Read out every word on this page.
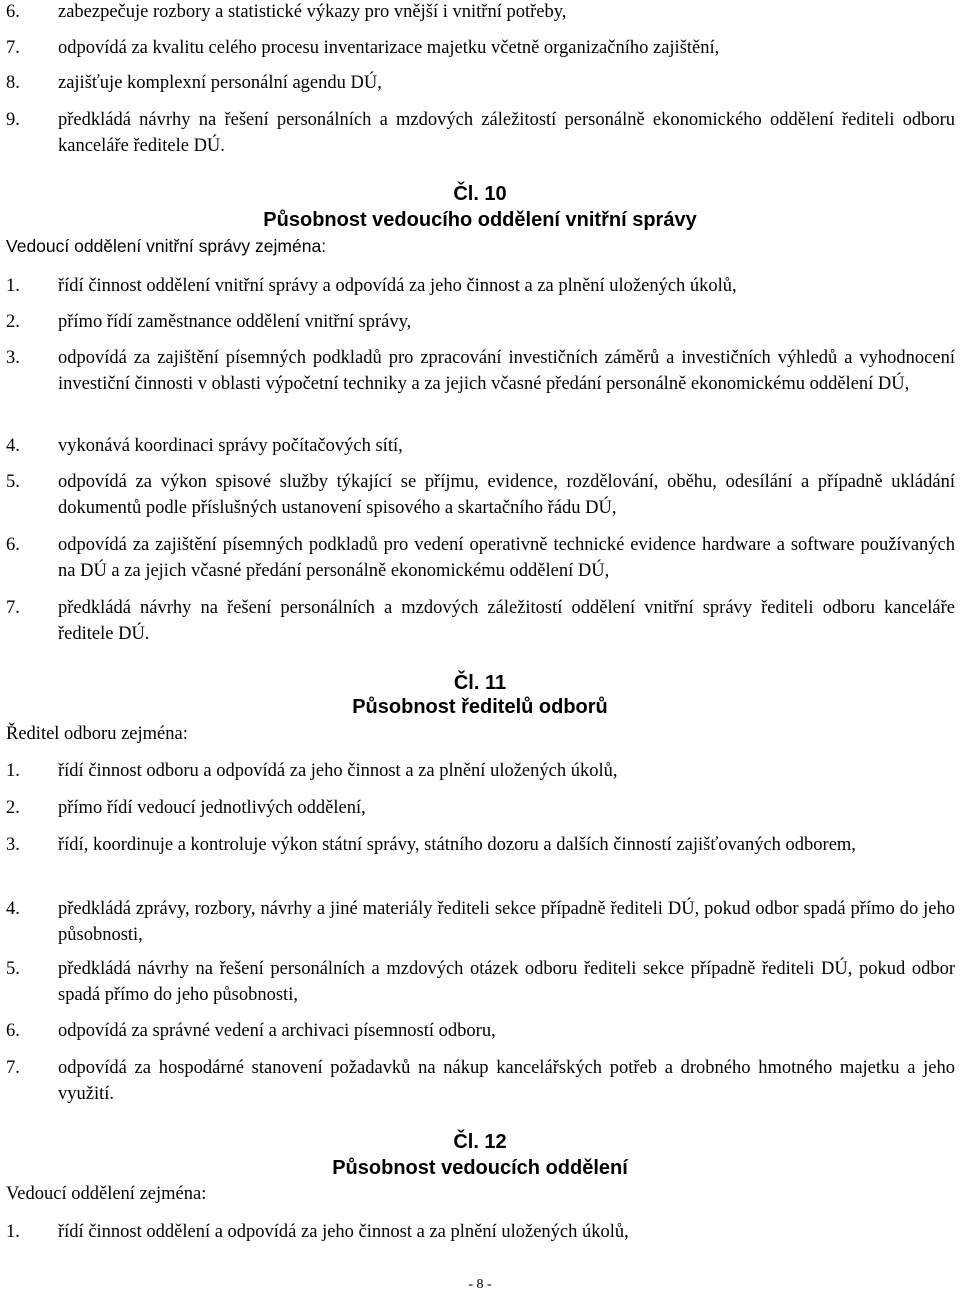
6. zabezpečuje rozbory a statistické výkazy pro vnější i vnitřní potřeby,
7. odpovídá za kvalitu celého procesu inventarizace majetku včetně organizačního zajištění,
8. zajišťuje komplexní personální agendu DÚ,
9. předkládá návrhy na řešení personálních a mzdových záležitostí personálně ekonomického oddělení řediteli odboru kanceláře ředitele DÚ.
Čl. 10
Působnost vedoucího oddělení vnitřní správy
Vedoucí oddělení vnitřní správy zejména:
1. řídí činnost oddělení vnitřní správy a odpovídá za jeho činnost a za plnění uložených úkolů,
2. přímo řídí zaměstnance oddělení vnitřní správy,
3. odpovídá za zajištění písemných podkladů pro zpracování investičních záměrů a investičních výhledů a vyhodnocení investiční činnosti v oblasti výpočetní techniky a za jejich včasné předání personálně ekonomickému oddělení DÚ,
4. vykonává koordinaci správy počítačových sítí,
5. odpovídá za výkon spisové služby týkající se příjmu, evidence, rozdělování, oběhu, odesílání a případně ukládání dokumentů podle příslušných ustanovení spisového a skartačního řádu DÚ,
6. odpovídá za zajištění písemných podkladů pro vedení operativně technické evidence hardware a software používaných na DÚ a za jejich včasné předání personálně ekonomickému oddělení DÚ,
7. předkládá návrhy na řešení personálních a mzdových záležitostí oddělení vnitřní správy řediteli odboru kanceláře ředitele DÚ.
Čl. 11
Působnost ředitelů odborů
Ředitel odboru zejména:
1. řídí činnost odboru a odpovídá za jeho činnost a za plnění uložených úkolů,
2. přímo řídí vedoucí jednotlivých oddělení,
3. řídí, koordinuje a kontroluje výkon státní správy, státního dozoru a dalších činností zajišťovaných odborem,
4. předkládá zprávy, rozbory, návrhy a jiné materiály řediteli sekce případně řediteli DÚ, pokud odbor spadá přímo do jeho působnosti,
5. předkládá návrhy na řešení personálních a mzdových otázek odboru řediteli sekce případně řediteli DÚ, pokud odbor spadá přímo do jeho působnosti,
6. odpovídá za správné vedení a archivaci písemností odboru,
7. odpovídá za hospodárné stanovení požadavků na nákup kancelářských potřeb a drobného hmotného majetku a jeho využití.
Čl. 12
Působnost vedoucích oddělení
Vedoucí oddělení zejména:
1. řídí činnost oddělení a odpovídá za jeho činnost a za plnění uložených úkolů,
- 8 -
